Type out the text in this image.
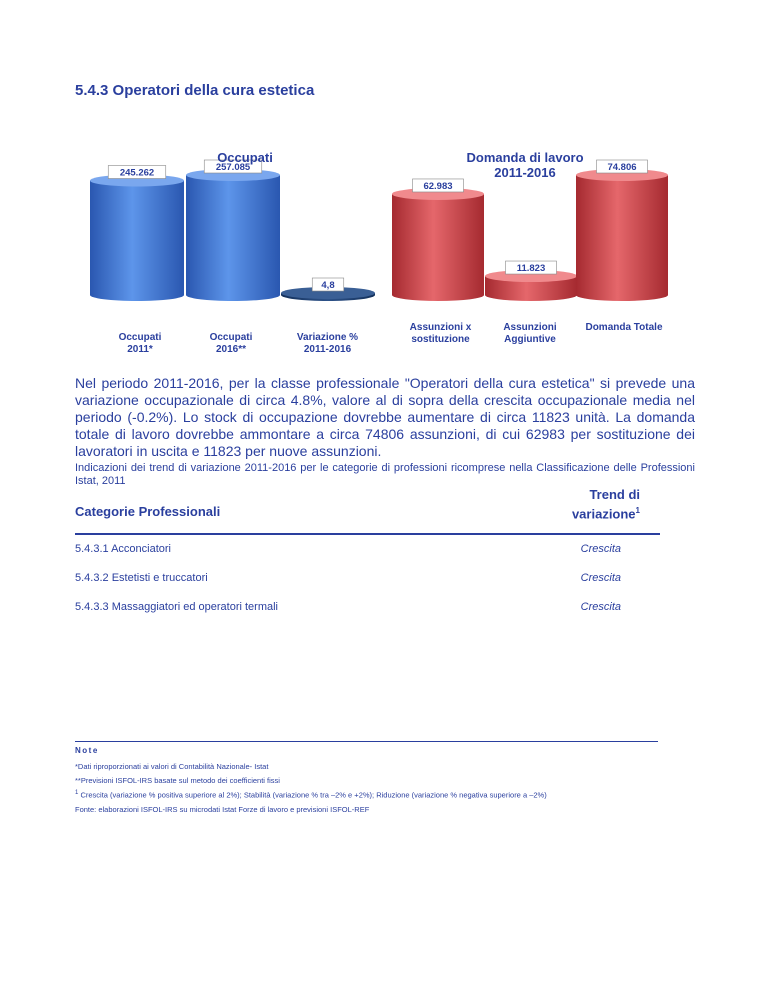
5.4.3 Operatori della cura estetica
245.262
257.085
4,8
62.983
11.823
74.806
Occupati	Domanda di lavoro
2011-2016
Occupati
2011*
Occupati
2016**
Variazione %
2011-2016
Assunzioni x
sostituzione
Assunzioni
Aggiuntive
Domanda Totale
Nel periodo 2011-2016, per la classe professionale "Operatori della cura estetica" si prevede una variazione occupazionale di circa 4.8%, valore al di sopra della crescita occupazionale media nel periodo (-0.2%). Lo stock di occupazione dovrebbe aumentare di circa 11823 unità. La domanda totale di lavoro dovrebbe ammontare a circa 74806 assunzioni, di cui 62983 per sostituzione dei lavoratori in uscita e 11823 per nuove assunzioni.
Indicazioni dei trend di variazione 2011-2016 per le categorie di professioni ricomprese nella Classificazione delle Professioni Istat, 2011
Categorie Professionali
Trend di
variazione$^1$
5.4.3.1 Acconciatori	Crescita
5.4.3.2 Estetisti e truccatori	Crescita
5.4.3.3 Massaggiatori ed operatori termali	Crescita
Note
*Dati riproporzionati ai valori di Contabilità Nazionale- Istat
**Previsioni ISFOL-IRS basate sul metodo dei coefficienti fissi
$^1$ Crescita (variazione % positiva superiore al 2%); Stabilità (variazione % tra –2% e +2%); Riduzione (variazione % negativa superiore a –2%)
Fonte: elaborazioni ISFOL-IRS su microdati Istat Forze di lavoro e previsioni ISFOL-REF
